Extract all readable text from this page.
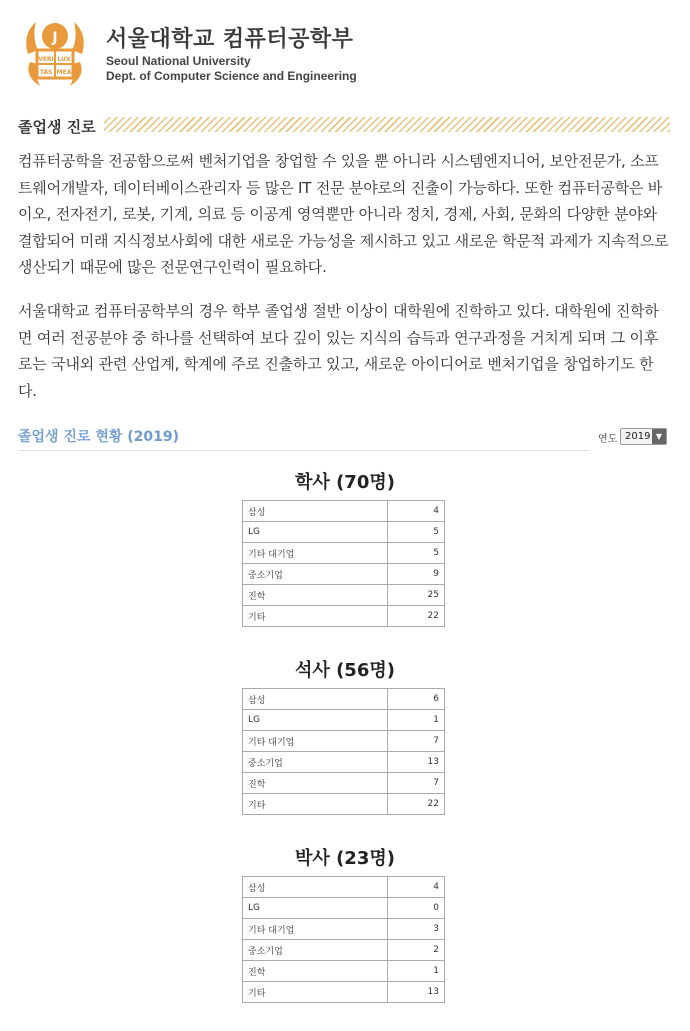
J
VERI LUX
TAS MEA
서울대학교 컴퓨터공학부
Seoul National University
Dept. of Computer Science and Engineering
졸업생 진로
컴퓨터공학을 전공함으로써 벤처기업을 창업할 수 있을 뿐 아니라 시스템엔지니어, 보안전문가, 소프트웨어개발자, 데이터베이스관리자 등 많은 IT 전문 분야로의 진출이 가능하다. 또한 컴퓨터공학은 바이오, 전자전기, 로봇, 기계, 의료 등 이공계 영역뿐만 아니라 정치, 경제, 사회, 문화의 다양한 분야와 결합되어 미래 지식정보사회에 대한 새로운 가능성을 제시하고 있고 새로운 학문적 과제가 지속적으로 생산되기 때문에 많은 전문연구인력이 필요하다.
서울대학교 컴퓨터공학부의 경우 학부 졸업생 절반 이상이 대학원에 진학하고 있다. 대학원에 진학하면 여러 전공분야 중 하나를 선택하여 보다 깊이 있는 지식의 습득과 연구과정을 거치게 되며 그 이후로는 국내외 관련 산업계, 학계에 주로 진출하고 있고, 새로운 아이디어로 벤처기업을 창업하기도 한다.
졸업생 진로 현황 (2019)	연도 2019 ▼
학사 (70명)
삼성	4
LG	5
기타 대기업	5
중소기업	9
진학	25
기타	22
석사 (56명)
삼성	6
LG	1
기타 대기업	7
중소기업	13
진학	7
기타	22
박사 (23명)
삼성	4
LG	0
기타 대기업	3
중소기업	2
진학	1
기타	13
